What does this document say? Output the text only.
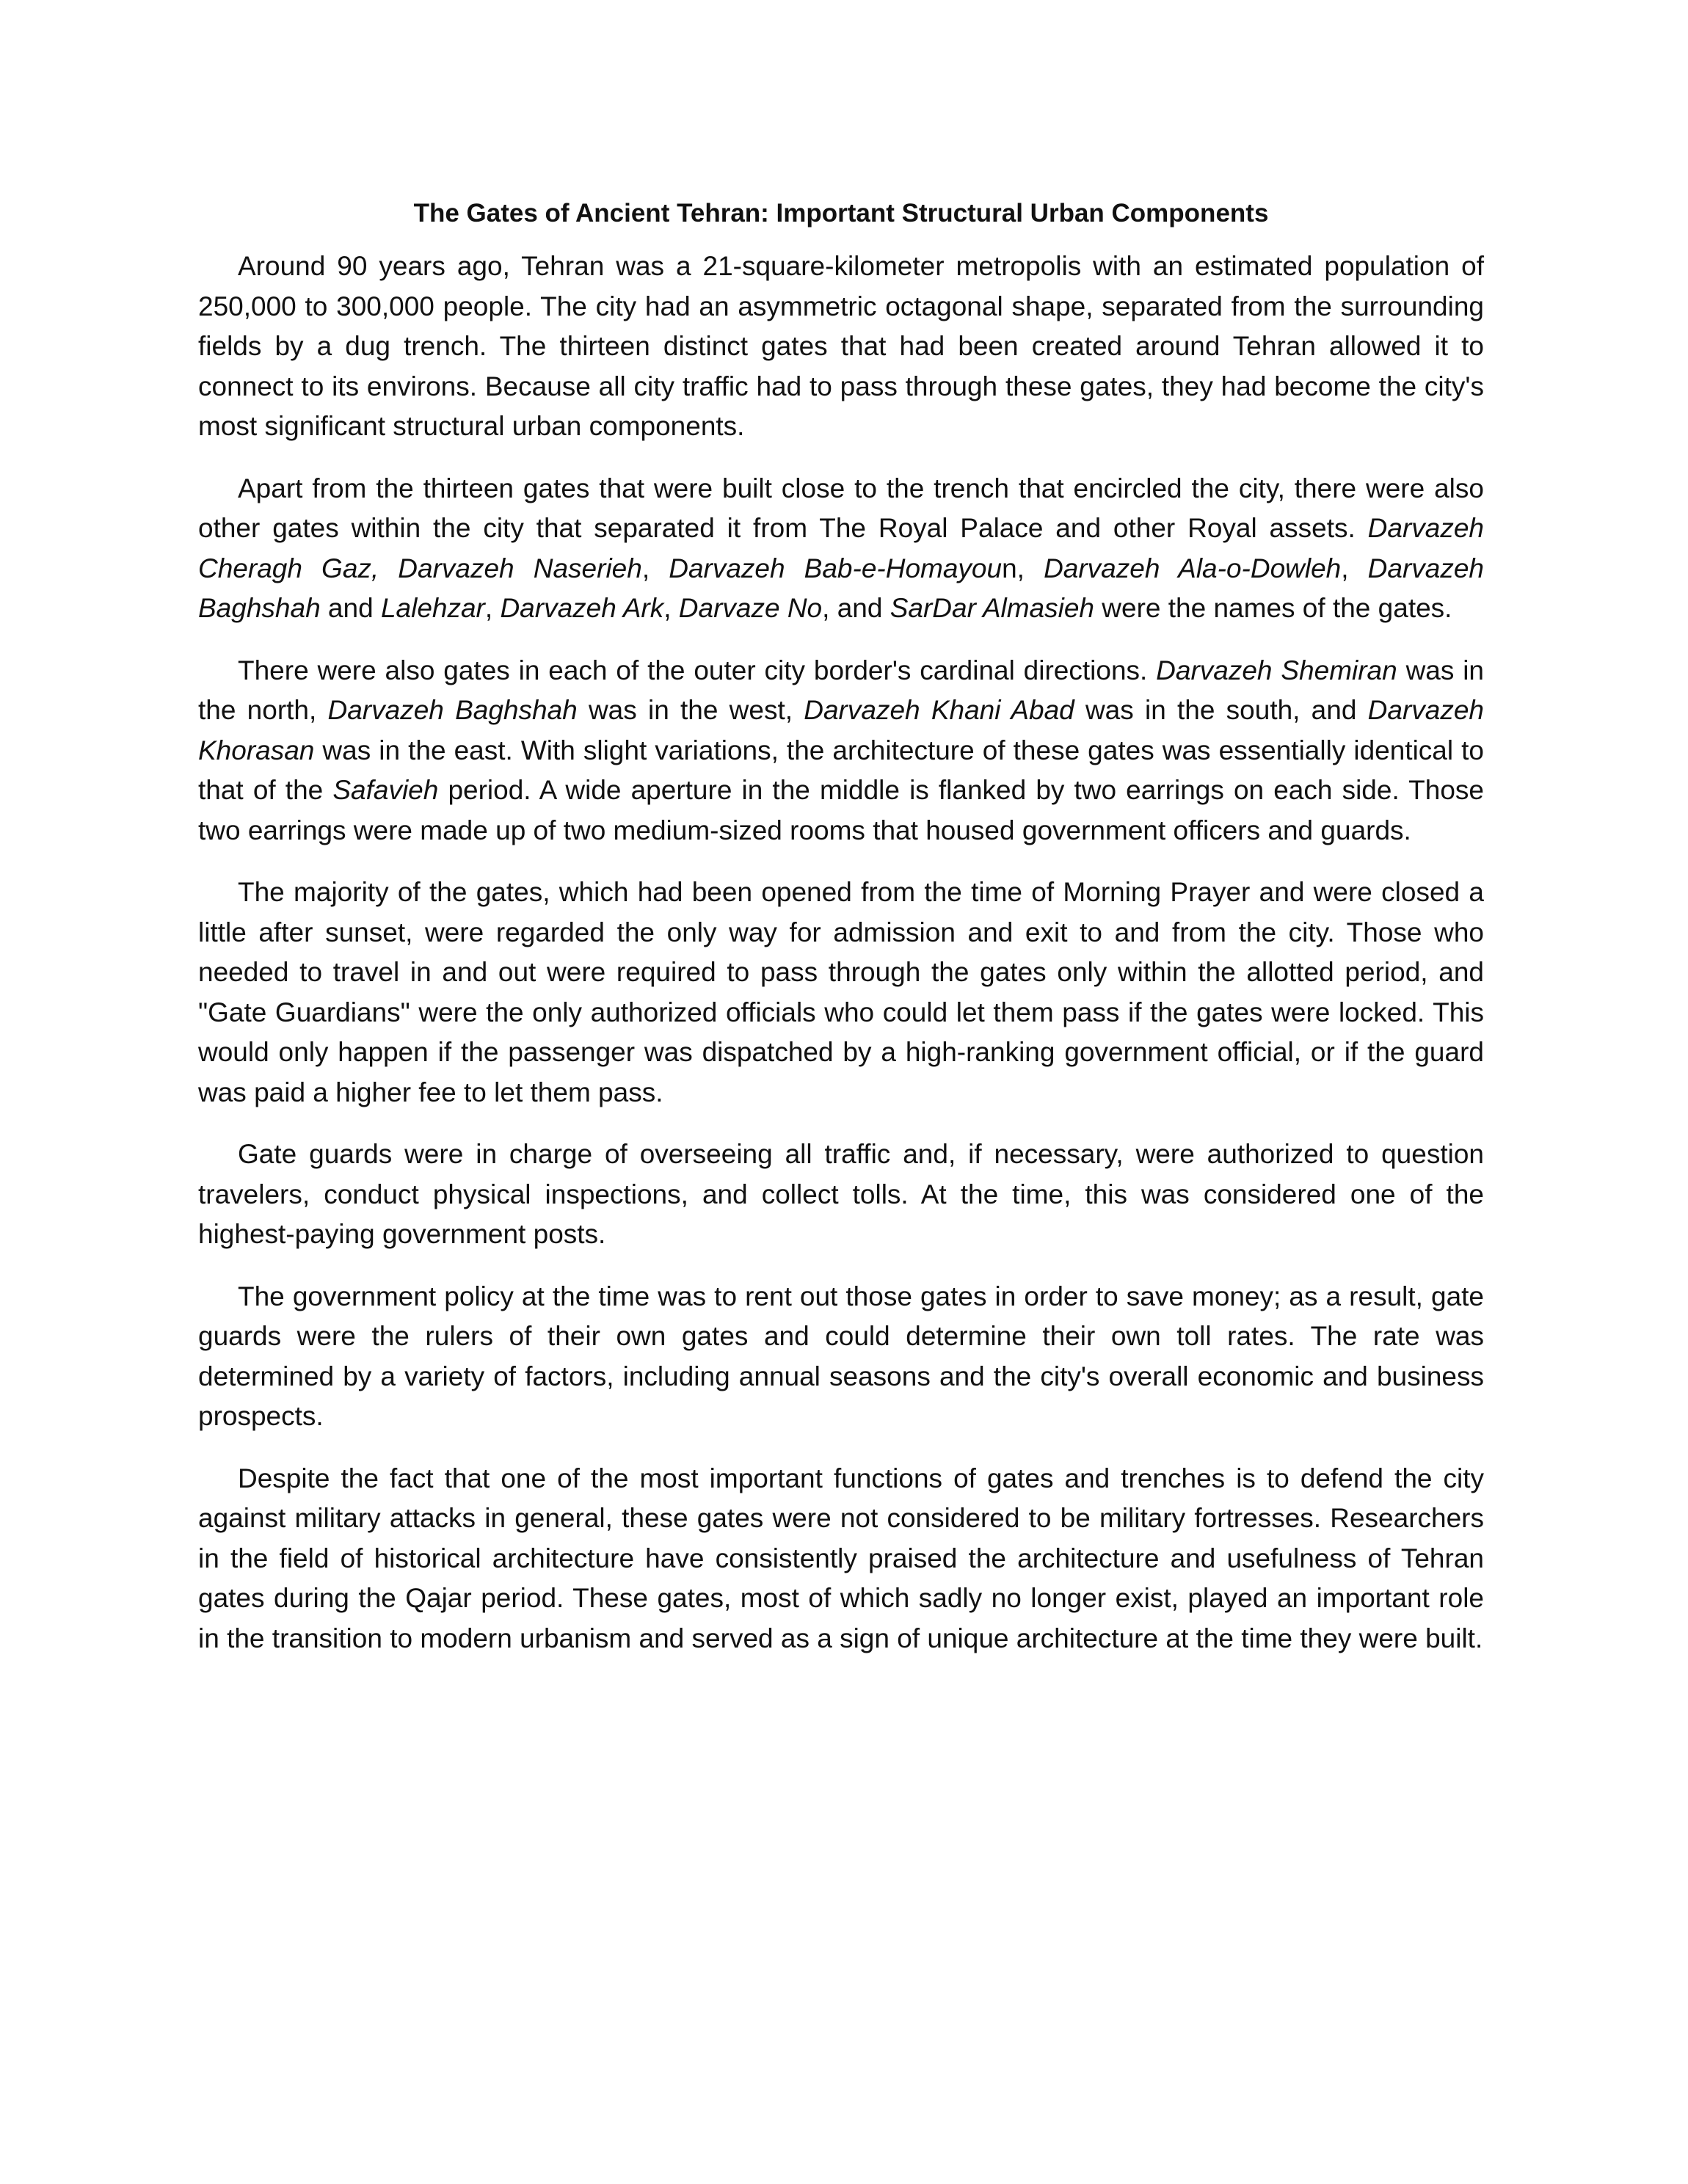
The Gates of Ancient Tehran: Important Structural Urban Components

Around 90 years ago, Tehran was a 21-square-kilometer metropolis with an estimated population of 250,000 to 300,000 people. The city had an asymmetric octagonal shape, separated from the surrounding fields by a dug trench. The thirteen distinct gates that had been created around Tehran allowed it to connect to its environs. Because all city traffic had to pass through these gates, they had become the city's most significant structural urban components.

Apart from the thirteen gates that were built close to the trench that encircled the city, there were also other gates within the city that separated it from The Royal Palace and other Royal assets. Darvazeh Cheragh Gaz, Darvazeh Naserieh, Darvazeh Bab-e-Homayoun, Darvazeh Ala-o-Dowleh, Darvazeh Baghshah and Lalehzar, Darvazeh Ark, Darvaze No, and SarDar Almasieh were the names of the gates.

There were also gates in each of the outer city border's cardinal directions. Darvazeh Shemiran was in the north, Darvazeh Baghshah was in the west, Darvazeh Khani Abad was in the south, and Darvazeh Khorasan was in the east. With slight variations, the architecture of these gates was essentially identical to that of the Safavieh period. A wide aperture in the middle is flanked by two earrings on each side. Those two earrings were made up of two medium-sized rooms that housed government officers and guards.

The majority of the gates, which had been opened from the time of Morning Prayer and were closed a little after sunset, were regarded the only way for admission and exit to and from the city. Those who needed to travel in and out were required to pass through the gates only within the allotted period, and "Gate Guardians" were the only authorized officials who could let them pass if the gates were locked. This would only happen if the passenger was dispatched by a high-ranking government official, or if the guard was paid a higher fee to let them pass.

Gate guards were in charge of overseeing all traffic and, if necessary, were authorized to question travelers, conduct physical inspections, and collect tolls. At the time, this was considered one of the highest-paying government posts.

The government policy at the time was to rent out those gates in order to save money; as a result, gate guards were the rulers of their own gates and could determine their own toll rates. The rate was determined by a variety of factors, including annual seasons and the city's overall economic and business prospects.

Despite the fact that one of the most important functions of gates and trenches is to defend the city against military attacks in general, these gates were not considered to be military fortresses. Researchers in the field of historical architecture have consistently praised the architecture and usefulness of Tehran gates during the Qajar period. These gates, most of which sadly no longer exist, played an important role in the transition to modern urbanism and served as a sign of unique architecture at the time they were built.
